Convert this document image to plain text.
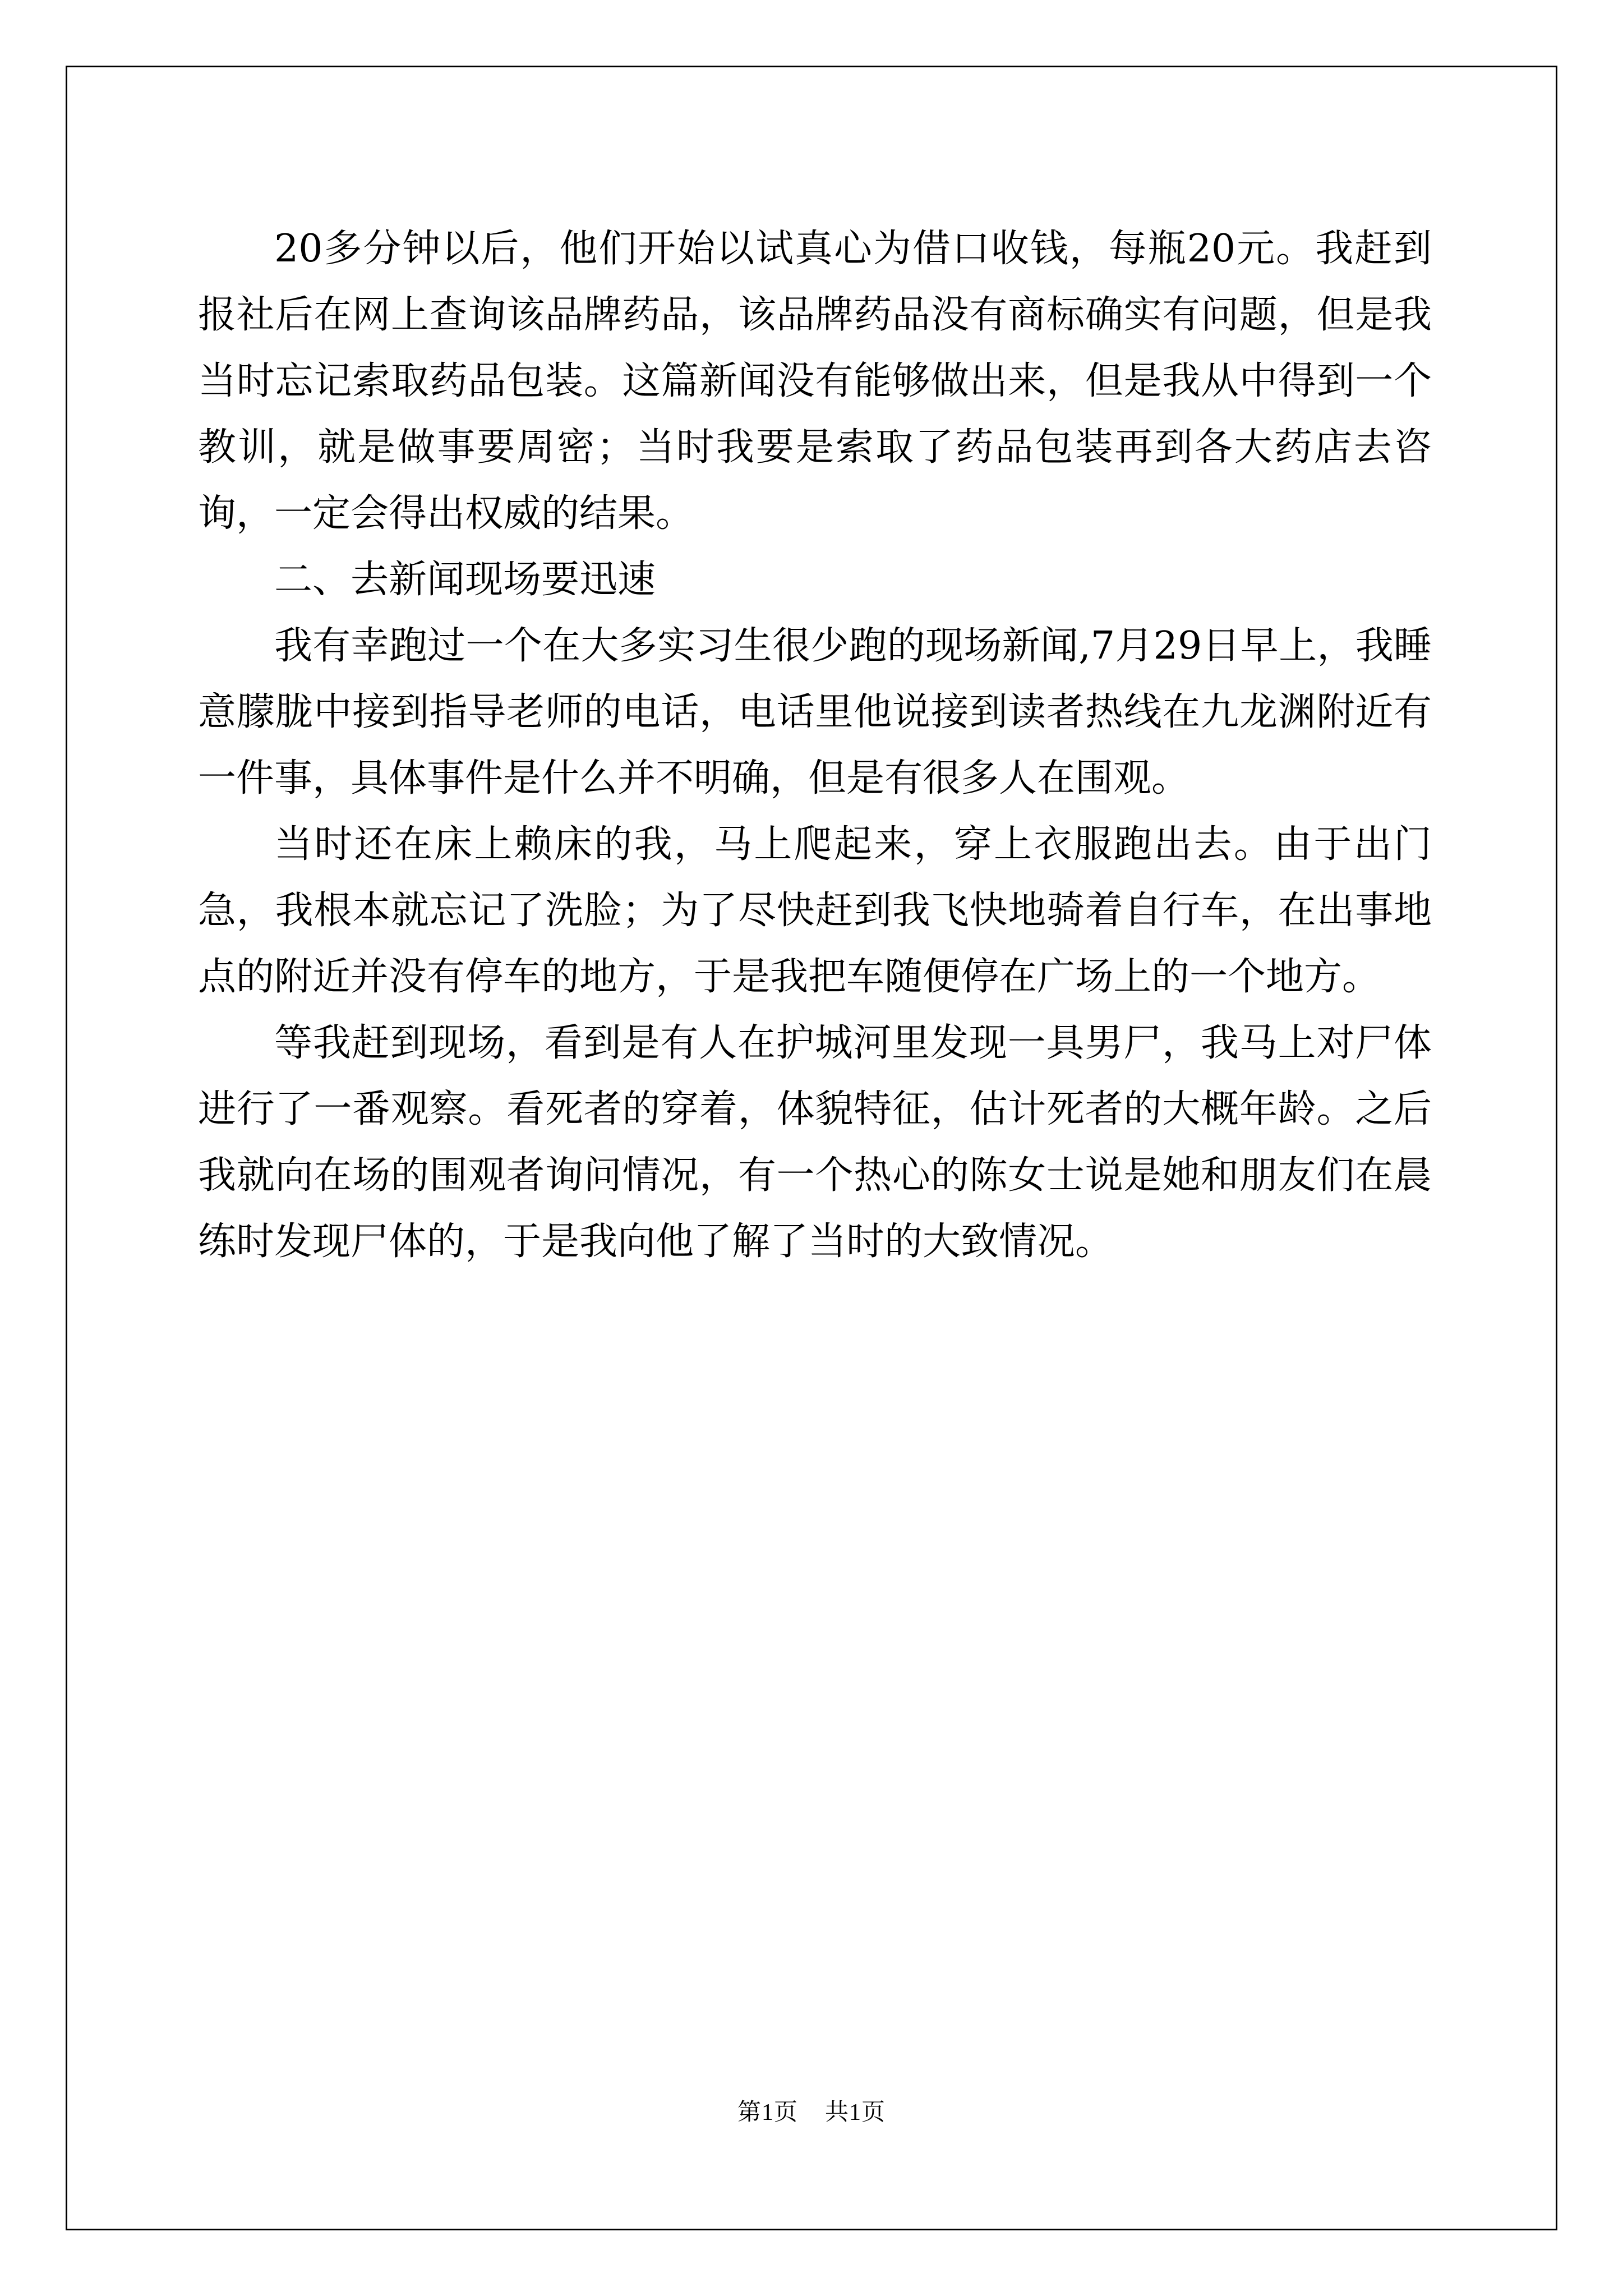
20多分钟以后，他们开始以试真心为借口收钱，每瓶20元。我赶到报社后在网上查询该品牌药品，该品牌药品没有商标确实有问题，但是我当时忘记索取药品包装。这篇新闻没有能够做出来，但是我从中得到一个教训，就是做事要周密；当时我要是索取了药品包装再到各大药店去咨询，一定会得出权威的结果。

二、去新闻现场要迅速

我有幸跑过一个在大多实习生很少跑的现场新闻,7月29日早上，我睡意朦胧中接到指导老师的电话，电话里他说接到读者热线在九龙渊附近有一件事，具体事件是什么并不明确，但是有很多人在围观。

当时还在床上赖床的我，马上爬起来，穿上衣服跑出去。由于出门急，我根本就忘记了洗脸；为了尽快赶到我飞快地骑着自行车，在出事地点的附近并没有停车的地方，于是我把车随便停在广场上的一个地方。

等我赶到现场，看到是有人在护城河里发现一具男尸，我马上对尸体进行了一番观察。看死者的穿着，体貌特征，估计死者的大概年龄。之后我就向在场的围观者询问情况，有一个热心的陈女士说是她和朋友们在晨练时发现尸体的，于是我向他了解了当时的大致情况。

第1页 共1页
